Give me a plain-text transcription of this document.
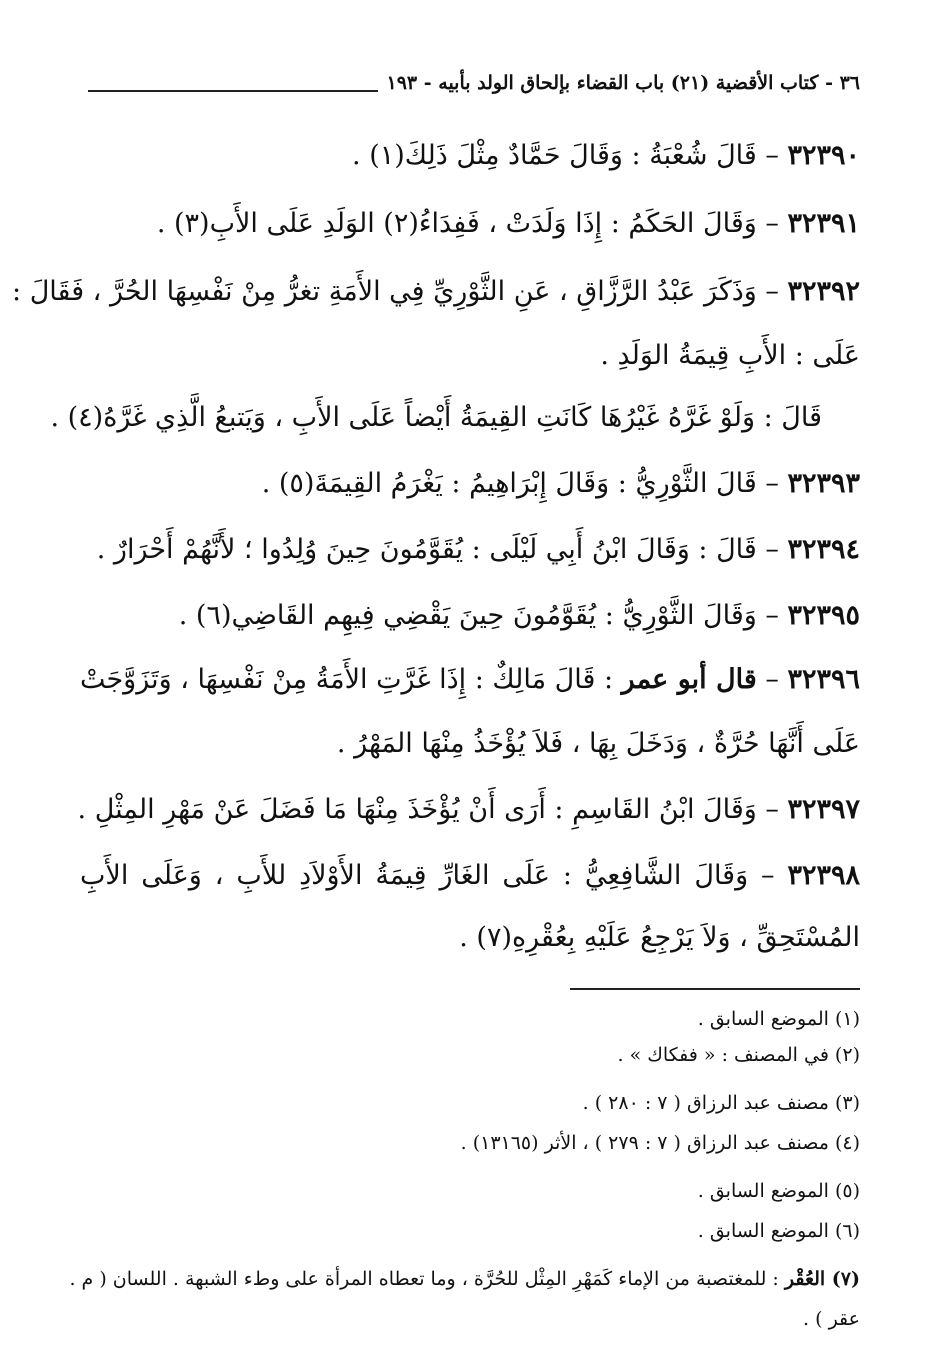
٣٦ - كتاب الأقضية (٢١) باب القضاء بإلحاق الولد بأبيه - ١٩٣
٣٢٣٩٠ – قَالَ شُعْبَةُ : وَقَالَ حَمَّادٌ مِثْلَ ذَلِكَ(١) .
٣٢٣٩١ – وَقَالَ الحَكَمُ : إِذَا وَلَدَتْ ، فَفِدَاءُ(٢) الوَلَدِ عَلَى الأَبِ(٣) .
٣٢٣٩٢ – وَذَكَرَ عَبْدُ الرَّزَّاقِ ، عَنِ الثَّوْرِيِّ فِي الأَمَةِ تغرُّ مِنْ نَفْسِهَا الحُرَّ ، فَقَالَ :
عَلَى : الأَبِ قِيمَةُ الوَلَدِ .
قَالَ : وَلَوْ غَرَّهُ غَيْرُهَا كَانَتِ القِيمَةُ أَيْضاً عَلَى الأَبِ ، وَيَتبعُ الَّذِي غَرَّهُ(٤) .
٣٢٣٩٣ – قَالَ الثَّوْرِيُّ : وَقَالَ إِبْرَاهِيمُ : يَغْرَمُ القِيمَةَ(٥) .
٣٢٣٩٤ – قَالَ : وَقَالَ ابْنُ أَبِي لَيْلَى : يُقَوَّمُونَ حِينَ وُلِدُوا ؛ لأَنَّهُمْ أَحْرَارٌ .
٣٢٣٩٥ – وَقَالَ الثَّوْرِيُّ : يُقَوَّمُونَ حِينَ يَقْضِي فِيهِم القَاضِي(٦) .
٣٢٣٩٦ – قال أبو عمر : قَالَ مَالِكٌ : إِذَا غَرَّتِ الأَمَةُ مِنْ نَفْسِهَا ، وَتَزَوَّجَتْ
عَلَى أَنَّهَا حُرَّةٌ ، وَدَخَلَ بِهَا ، فَلاَ يُؤْخَذُ مِنْهَا المَهْرُ .
٣٢٣٩٧ – وَقَالَ ابْنُ القَاسِمِ : أَرَى أَنْ يُؤْخَذَ مِنْهَا مَا فَضَلَ عَنْ مَهْرِ المِثْلِ .
٣٢٣٩٨ – وَقَالَ الشَّافِعِيُّ : عَلَى الغَارِّ قِيمَةُ الأَوْلاَدِ للأَبِ ، وَعَلَى الأَبِ
المُسْتَحِقِّ ، وَلاَ يَرْجِعُ عَلَيْهِ بِعُقْرِهِ(٧) .
(١) الموضع السابق .
(٢) في المصنف : « ففكاك » .
(٣) مصنف عبد الرزاق ( ٧ : ٢٨٠ ) .
(٤) مصنف عبد الرزاق ( ٧ : ٢٧٩ ) ، الأثر (١٣١٦٥) .
(٥) الموضع السابق .
(٦) الموضع السابق .
(٧) العُقْر : للمغتصبة من الإماء كَمَهْرِ المِثْل للحُرَّة ، وما تعطاه المرأة على وطء الشبهة . اللسان ( م .
عقر ) .
